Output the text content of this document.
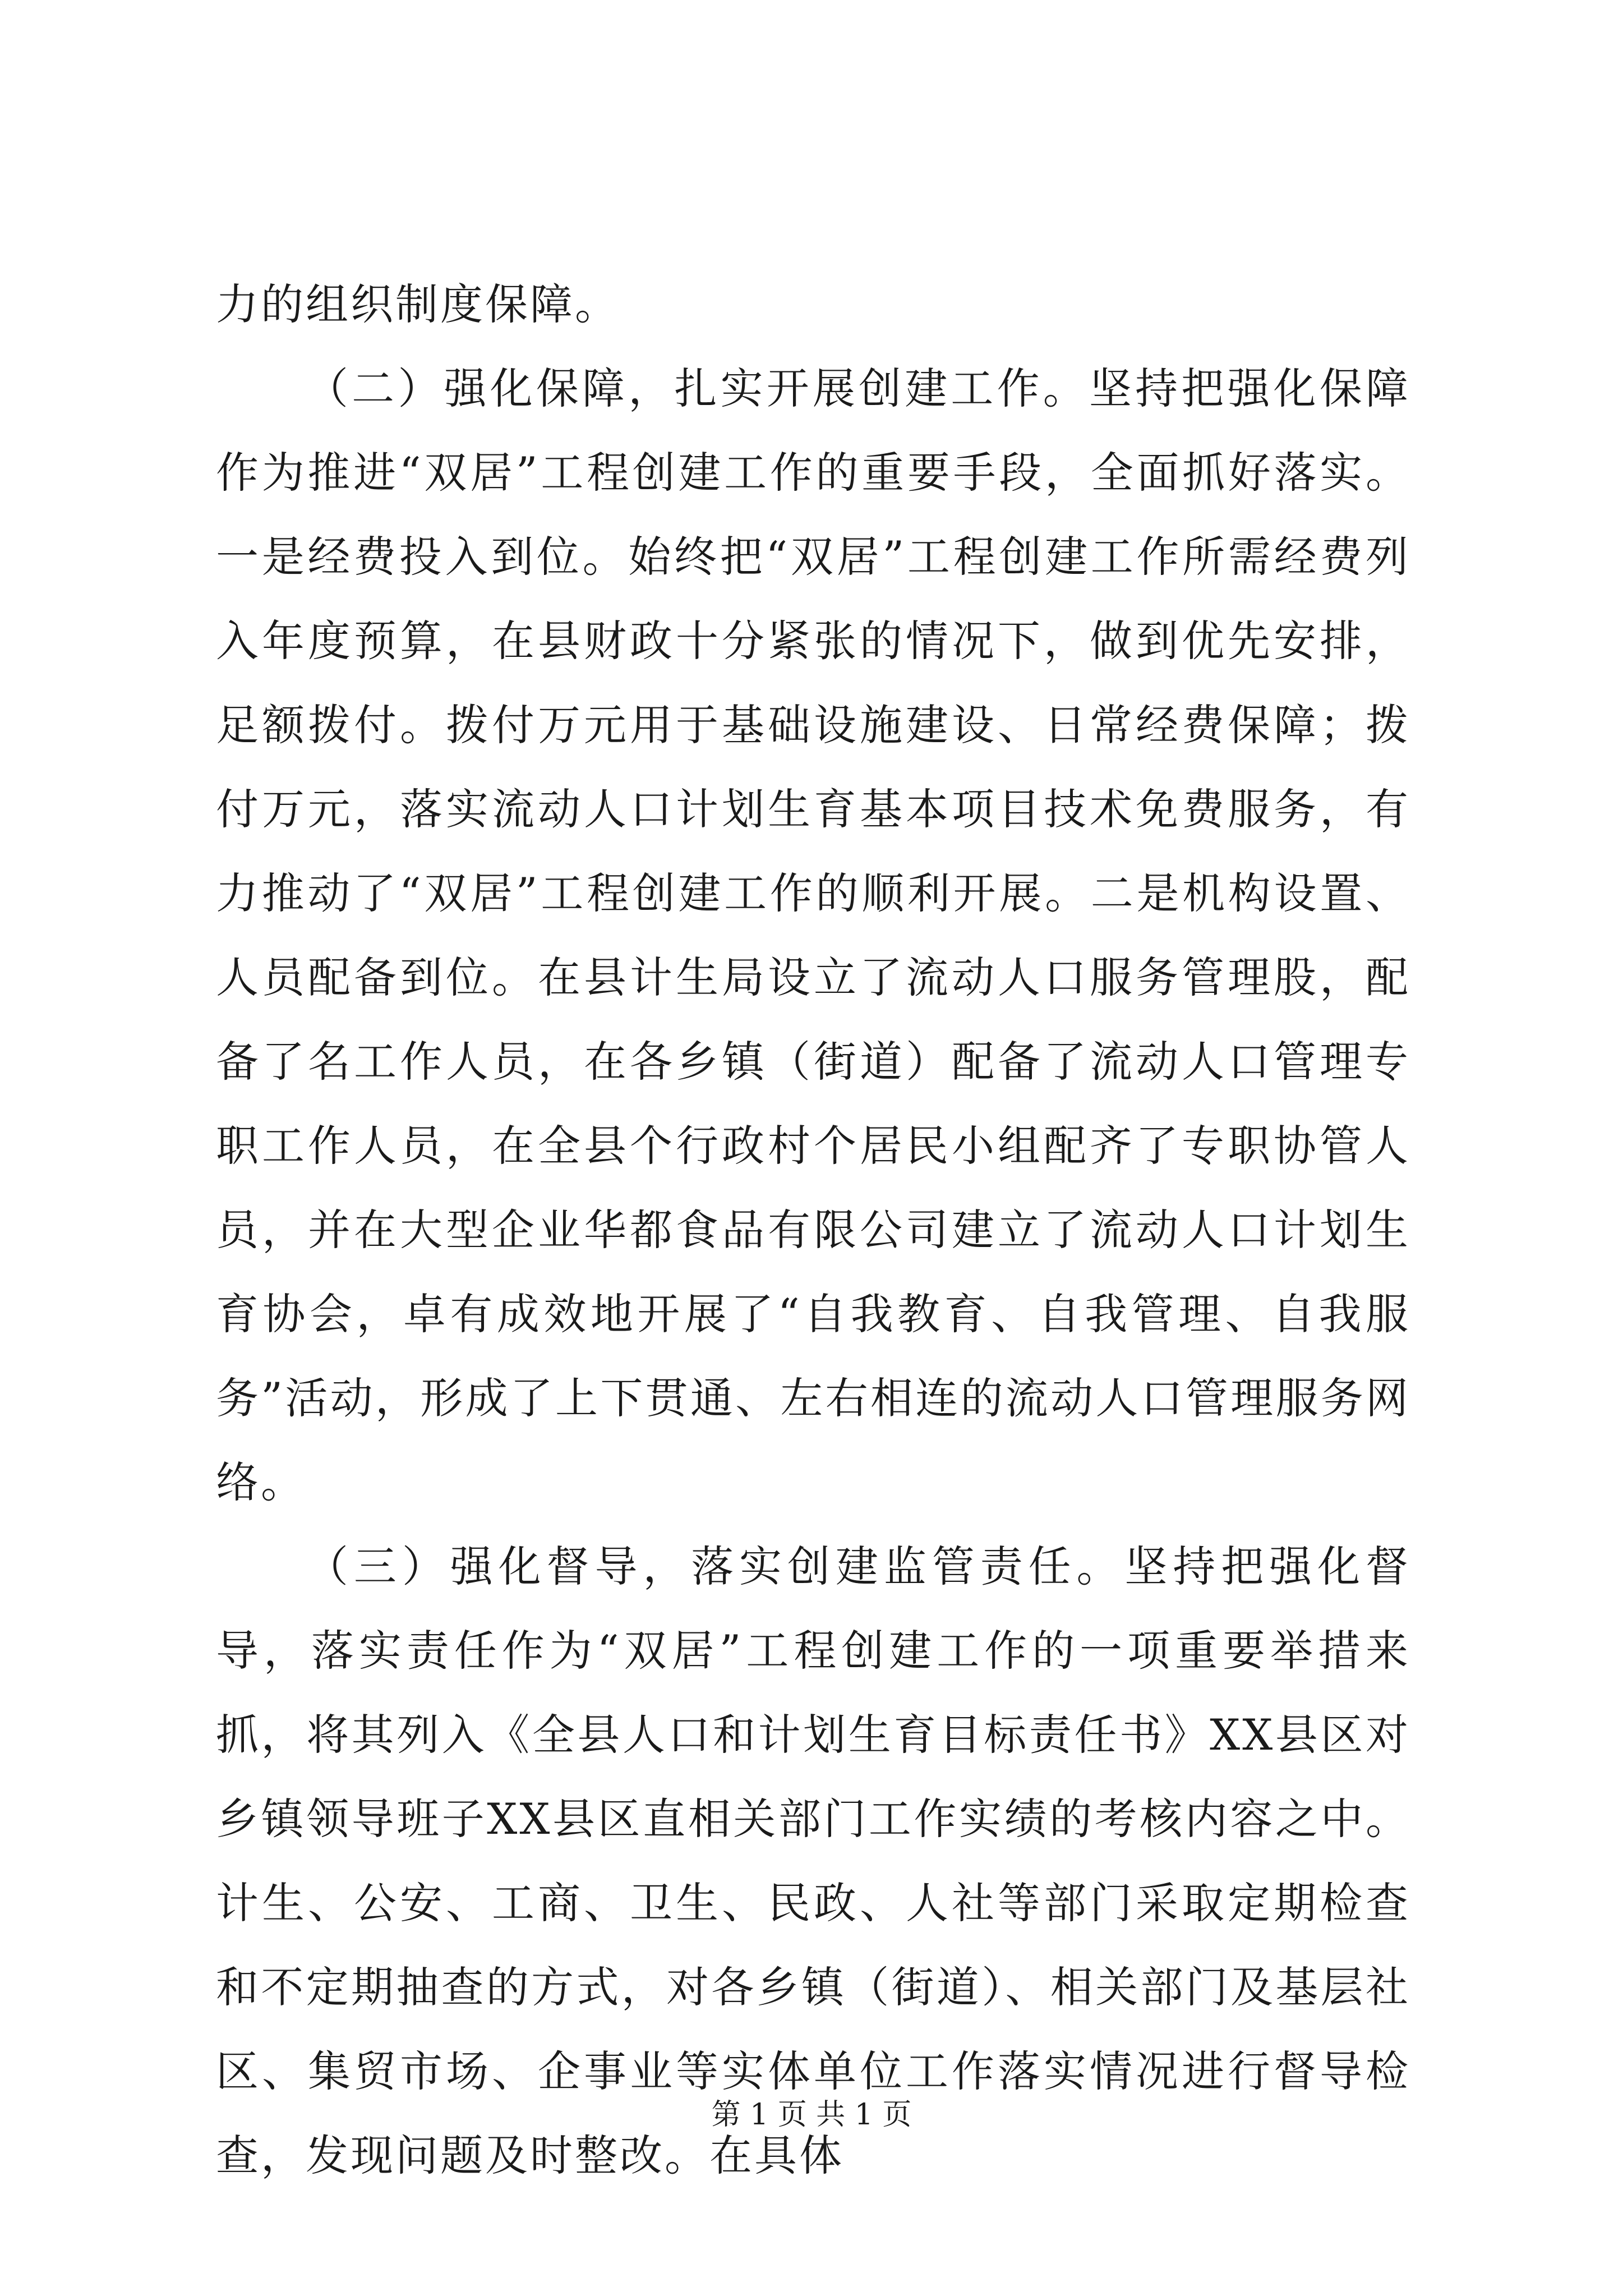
力的组织制度保障。

（二）强化保障，扎实开展创建工作。坚持把强化保障作为推进“双居”工程创建工作的重要手段，全面抓好落实。一是经费投入到位。始终把“双居”工程创建工作所需经费列入年度预算，在县财政十分紧张的情况下，做到优先安排，足额拨付。拨付万元用于基础设施建设、日常经费保障；拨付万元，落实流动人口计划生育基本项目技术免费服务，有力推动了“双居”工程创建工作的顺利开展。二是机构设置、人员配备到位。在县计生局设立了流动人口服务管理股，配备了名工作人员，在各乡镇（街道）配备了流动人口管理专职工作人员，在全县个行政村个居民小组配齐了专职协管人员，并在大型企业华都食品有限公司建立了流动人口计划生育协会，卓有成效地开展了“自我教育、自我管理、自我服务”活动，形成了上下贯通、左右相连的流动人口管理服务网络。

（三）强化督导，落实创建监管责任。坚持把强化督导，落实责任作为“双居”工程创建工作的一项重要举措来抓，将其列入《全县人口和计划生育目标责任书》XX县区对乡镇领导班子XX县区直相关部门工作实绩的考核内容之中。计生、公安、工商、卫生、民政、人社等部门采取定期检查和不定期抽查的方式，对各乡镇（街道）、相关部门及基层社区、集贸市场、企事业等实体单位工作落实情况进行督导检查，发现问题及时整改。在具体

第 1 页 共 1 页
